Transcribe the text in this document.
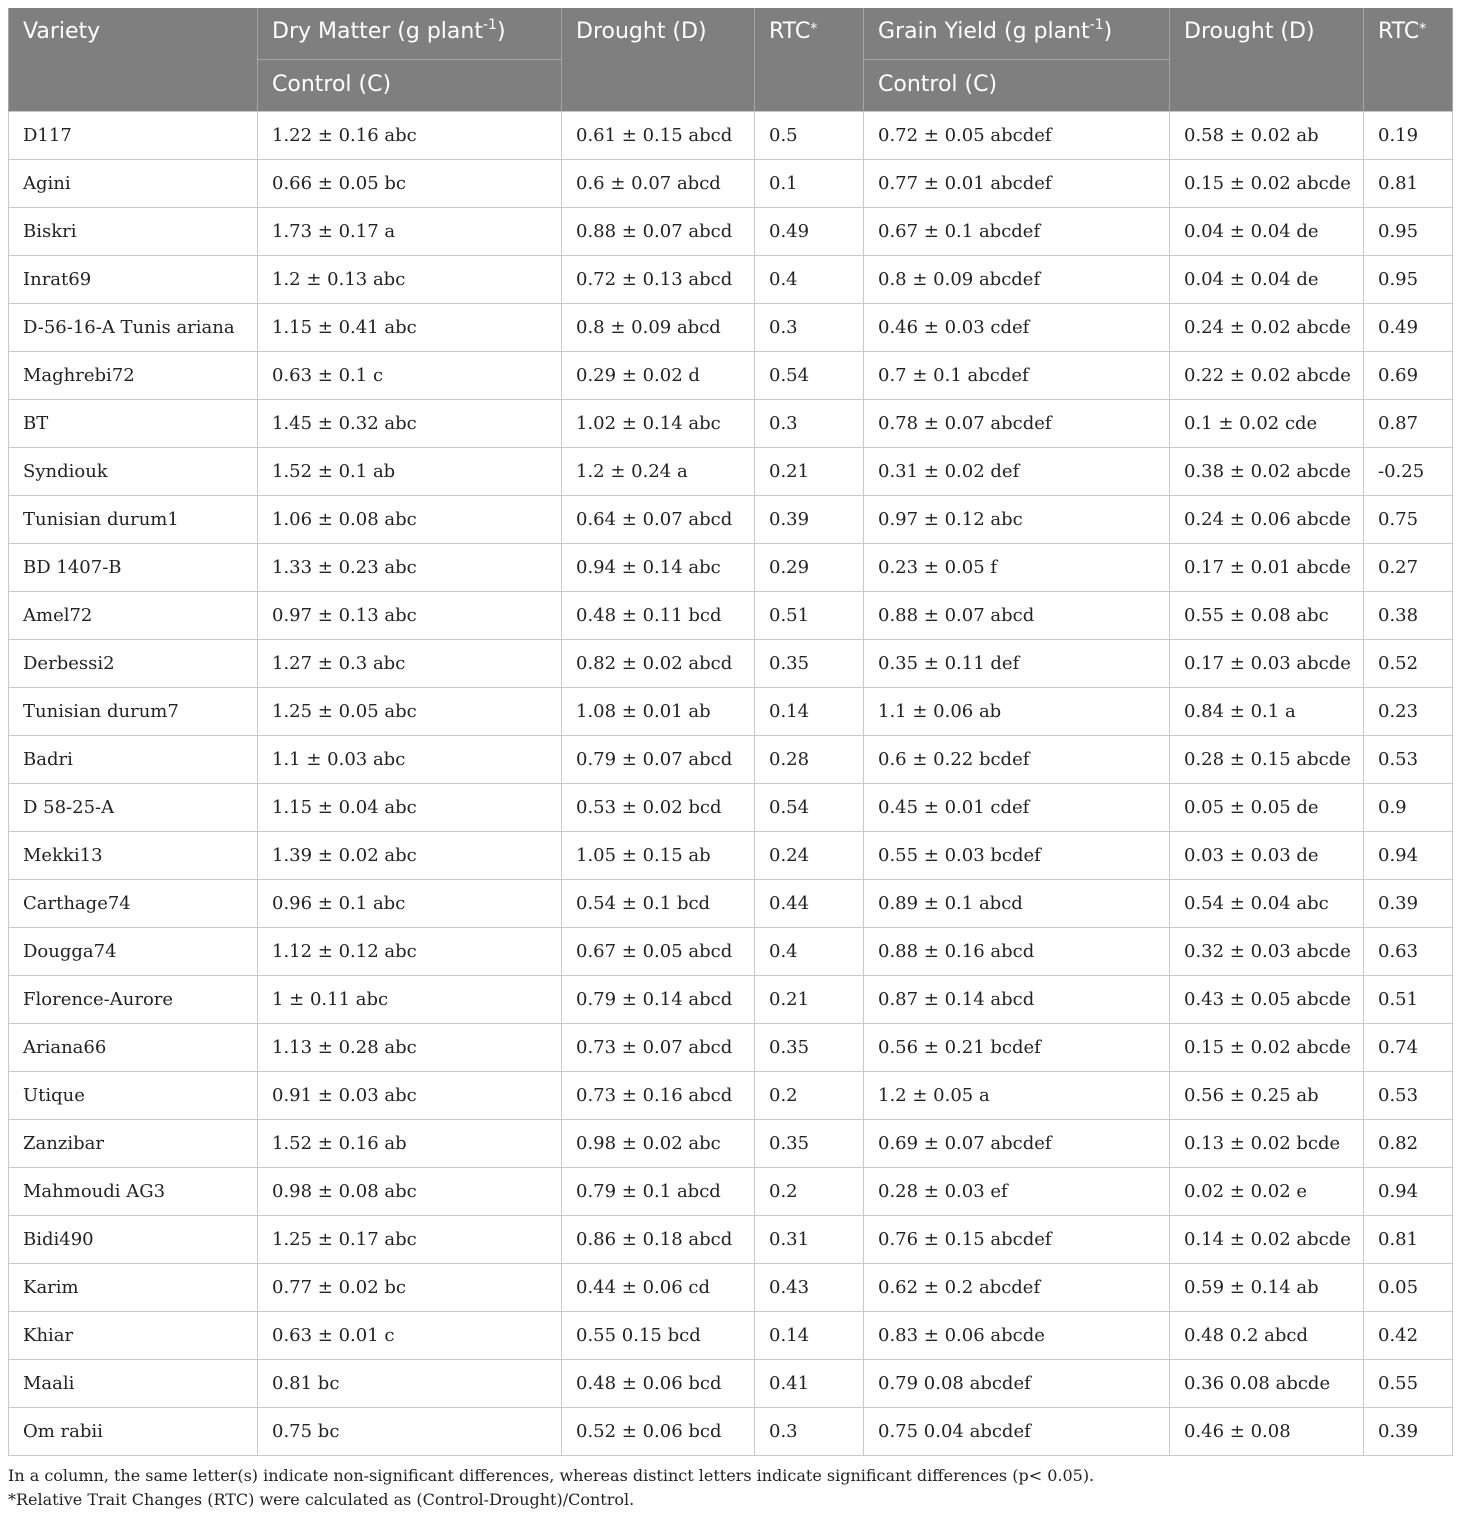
Variety	Dry Matter (g plant$^{-1}$)	Drought (D)	RTC*	Grain Yield (g plant$^{-1}$)	Drought (D)	RTC*
	Control (C)			Control (C)		
D117	1.22 ± 0.16 abc	0.61 ± 0.15 abcd	0.5	0.72 ± 0.05 abcdef	0.58 ± 0.02 ab	0.19
Agini	0.66 ± 0.05 bc	0.6 ± 0.07 abcd	0.1	0.77 ± 0.01 abcdef	0.15 ± 0.02 abcde	0.81
Biskri	1.73 ± 0.17 a	0.88 ± 0.07 abcd	0.49	0.67 ± 0.1 abcdef	0.04 ± 0.04 de	0.95
Inrat69	1.2 ± 0.13 abc	0.72 ± 0.13 abcd	0.4	0.8 ± 0.09 abcdef	0.04 ± 0.04 de	0.95
D-56-16-A Tunis ariana	1.15 ± 0.41 abc	0.8 ± 0.09 abcd	0.3	0.46 ± 0.03 cdef	0.24 ± 0.02 abcde	0.49
Maghrebi72	0.63 ± 0.1 c	0.29 ± 0.02 d	0.54	0.7 ± 0.1 abcdef	0.22 ± 0.02 abcde	0.69
BT	1.45 ± 0.32 abc	1.02 ± 0.14 abc	0.3	0.78 ± 0.07 abcdef	0.1 ± 0.02 cde	0.87
Syndiouk	1.52 ± 0.1 ab	1.2 ± 0.24 a	0.21	0.31 ± 0.02 def	0.38 ± 0.02 abcde	-0.25
Tunisian durum1	1.06 ± 0.08 abc	0.64 ± 0.07 abcd	0.39	0.97 ± 0.12 abc	0.24 ± 0.06 abcde	0.75
BD 1407-B	1.33 ± 0.23 abc	0.94 ± 0.14 abc	0.29	0.23 ± 0.05 f	0.17 ± 0.01 abcde	0.27
Amel72	0.97 ± 0.13 abc	0.48 ± 0.11 bcd	0.51	0.88 ± 0.07 abcd	0.55 ± 0.08 abc	0.38
Derbessi2	1.27 ± 0.3 abc	0.82 ± 0.02 abcd	0.35	0.35 ± 0.11 def	0.17 ± 0.03 abcde	0.52
Tunisian durum7	1.25 ± 0.05 abc	1.08 ± 0.01 ab	0.14	1.1 ± 0.06 ab	0.84 ± 0.1 a	0.23
Badri	1.1 ± 0.03 abc	0.79 ± 0.07 abcd	0.28	0.6 ± 0.22 bcdef	0.28 ± 0.15 abcde	0.53
D 58-25-A	1.15 ± 0.04 abc	0.53 ± 0.02 bcd	0.54	0.45 ± 0.01 cdef	0.05 ± 0.05 de	0.9
Mekki13	1.39 ± 0.02 abc	1.05 ± 0.15 ab	0.24	0.55 ± 0.03 bcdef	0.03 ± 0.03 de	0.94
Carthage74	0.96 ± 0.1 abc	0.54 ± 0.1 bcd	0.44	0.89 ± 0.1 abcd	0.54 ± 0.04 abc	0.39
Dougga74	1.12 ± 0.12 abc	0.67 ± 0.05 abcd	0.4	0.88 ± 0.16 abcd	0.32 ± 0.03 abcde	0.63
Florence-Aurore	1 ± 0.11 abc	0.79 ± 0.14 abcd	0.21	0.87 ± 0.14 abcd	0.43 ± 0.05 abcde	0.51
Ariana66	1.13 ± 0.28 abc	0.73 ± 0.07 abcd	0.35	0.56 ± 0.21 bcdef	0.15 ± 0.02 abcde	0.74
Utique	0.91 ± 0.03 abc	0.73 ± 0.16 abcd	0.2	1.2 ± 0.05 a	0.56 ± 0.25 ab	0.53
Zanzibar	1.52 ± 0.16 ab	0.98 ± 0.02 abc	0.35	0.69 ± 0.07 abcdef	0.13 ± 0.02 bcde	0.82
Mahmoudi AG3	0.98 ± 0.08 abc	0.79 ± 0.1 abcd	0.2	0.28 ± 0.03 ef	0.02 ± 0.02 e	0.94
Bidi490	1.25 ± 0.17 abc	0.86 ± 0.18 abcd	0.31	0.76 ± 0.15 abcdef	0.14 ± 0.02 abcde	0.81
Karim	0.77 ± 0.02 bc	0.44 ± 0.06 cd	0.43	0.62 ± 0.2 abcdef	0.59 ± 0.14 ab	0.05
Khiar	0.63 ± 0.01 c	0.55 0.15 bcd	0.14	0.83 ± 0.06 abcde	0.48 0.2 abcd	0.42
Maali	0.81 bc	0.48 ± 0.06 bcd	0.41	0.79 0.08 abcdef	0.36 0.08 abcde	0.55
Om rabii	0.75 bc	0.52 ± 0.06 bcd	0.3	0.75 0.04 abcdef	0.46 ± 0.08	0.39
In a column, the same letter(s) indicate non-significant differences, whereas distinct letters indicate significant differences (p< 0.05).
*Relative Trait Changes (RTC) were calculated as (Control-Drought)/Control.
